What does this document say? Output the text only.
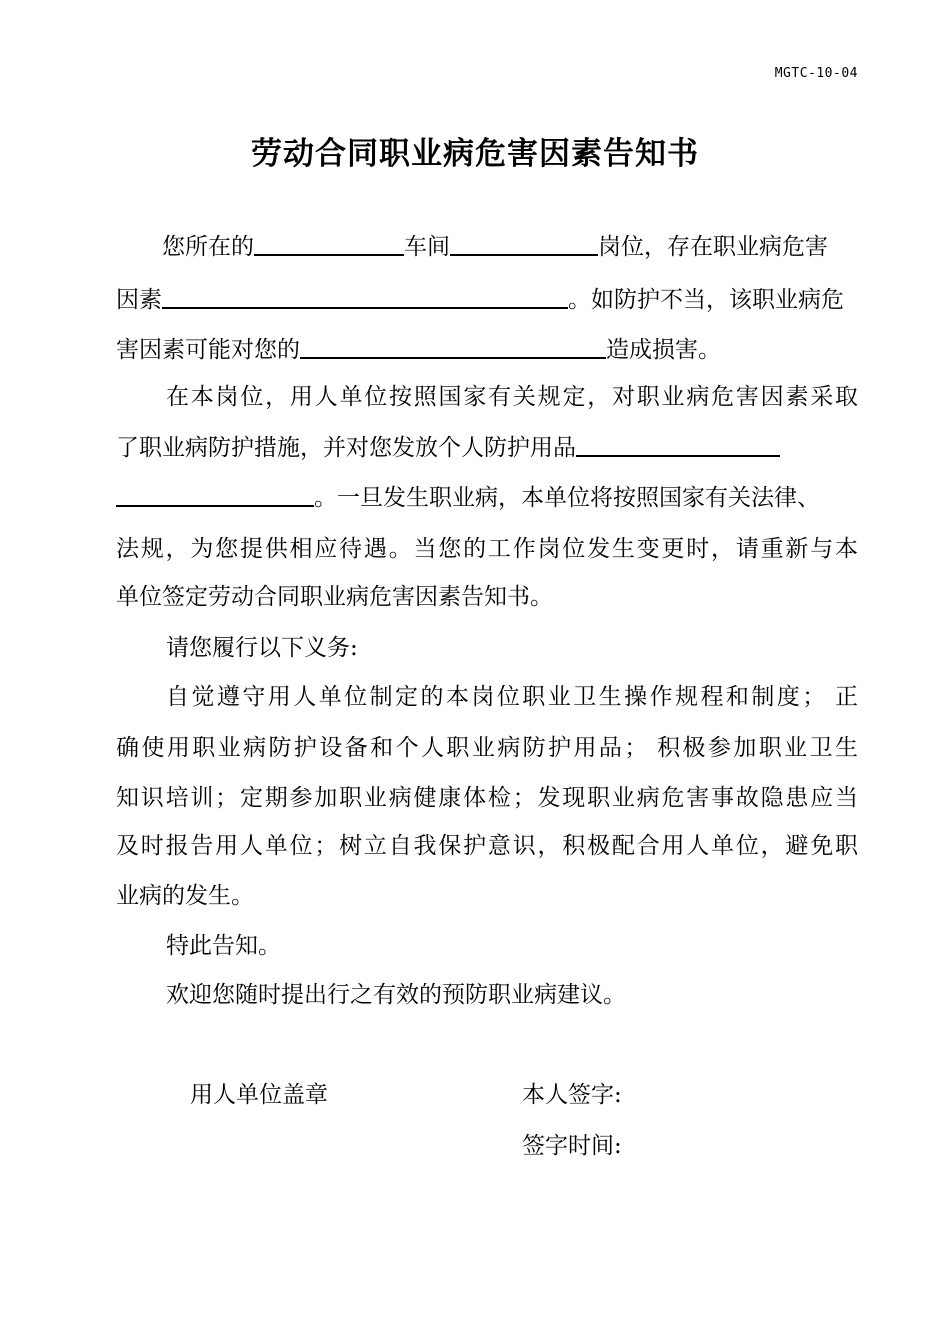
MGTC-10-04
劳动合同职业病危害因素告知书
您所在的	车间	岗位，存在职业病危害
因素	。如防护不当，该职业病危
害因素可能对您的	造成损害。
在本岗位，用人单位按照国家有关规定，对职业病危害因素采取
了职业病防护措施，并对您发放个人防护用品
。一旦发生职业病，本单位将按照国家有关法律、
法规，为您提供相应待遇。当您的工作岗位发生变更时，请重新与本
单位签定劳动合同职业病危害因素告知书。
请您履行以下义务:
自觉遵守用人单位制定的本岗位职业卫生操作规程和制度； 正
确使用职业病防护设备和个人职业病防护用品； 积极参加职业卫生
知识培训；定期参加职业病健康体检；发现职业病危害事故隐患应当
及时报告用人单位；树立自我保护意识，积极配合用人单位，避免职
业病的发生。
特此告知。
欢迎您随时提出行之有效的预防职业病建议。
用人单位盖章	本人签字:
签字时间:
